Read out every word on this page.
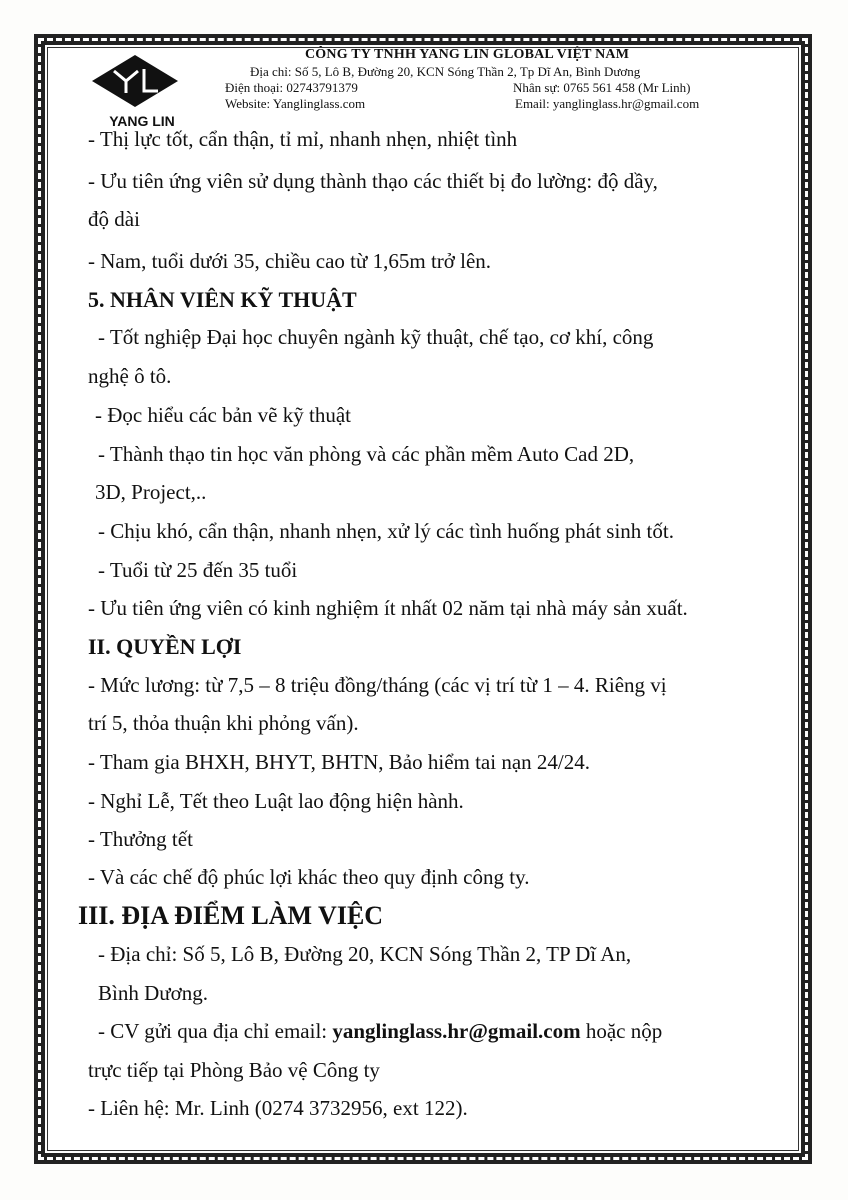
YANG LIN
CÔNG TY TNHH YANG LIN GLOBAL VIỆT NAM
Địa chỉ: Số 5, Lô B, Đường 20, KCN Sóng Thần 2, Tp Dĩ An, Bình Dương
Điện thoại: 02743791379	Nhân sự: 0765 561 458 (Mr Linh)
Website: Yanglinglass.com	Email: yanglinglass.hr@gmail.com
- Thị lực tốt, cẩn thận, tỉ mỉ, nhanh nhẹn, nhiệt tình
- Ưu tiên ứng viên sử dụng thành thạo các thiết bị đo lường: độ dầy,
độ dài
- Nam, tuổi dưới 35, chiều cao từ 1,65m trở lên.
5. NHÂN VIÊN KỸ THUẬT
- Tốt nghiệp Đại học chuyên ngành kỹ thuật, chế tạo, cơ khí, công
nghệ ô tô.
- Đọc hiểu các bản vẽ kỹ thuật
- Thành thạo tin học văn phòng và các phần mềm Auto Cad 2D,
3D, Project,..
- Chịu khó, cẩn thận, nhanh nhẹn, xử lý các tình huống phát sinh tốt.
- Tuổi từ 25 đến 35 tuổi
- Ưu tiên ứng viên có kinh nghiệm ít nhất 02 năm tại nhà máy sản xuất.
II. QUYỀN LỢI
- Mức lương: từ 7,5 – 8 triệu đồng/tháng (các vị trí từ 1 – 4. Riêng vị
trí 5, thỏa thuận khi phỏng vấn).
- Tham gia BHXH, BHYT, BHTN, Bảo hiểm tai nạn 24/24.
- Nghỉ Lễ, Tết theo Luật lao động hiện hành.
- Thưởng tết
- Và các chế độ phúc lợi khác theo quy định công ty.
III. ĐỊA ĐIỂM LÀM VIỆC
- Địa chỉ: Số 5, Lô B, Đường 20, KCN Sóng Thần 2, TP Dĩ An,
Bình Dương.
- CV gửi qua địa chỉ email: yanglinglass.hr@gmail.com hoặc nộp
trực tiếp tại Phòng Bảo vệ Công ty
- Liên hệ: Mr. Linh (0274 3732956, ext 122).
